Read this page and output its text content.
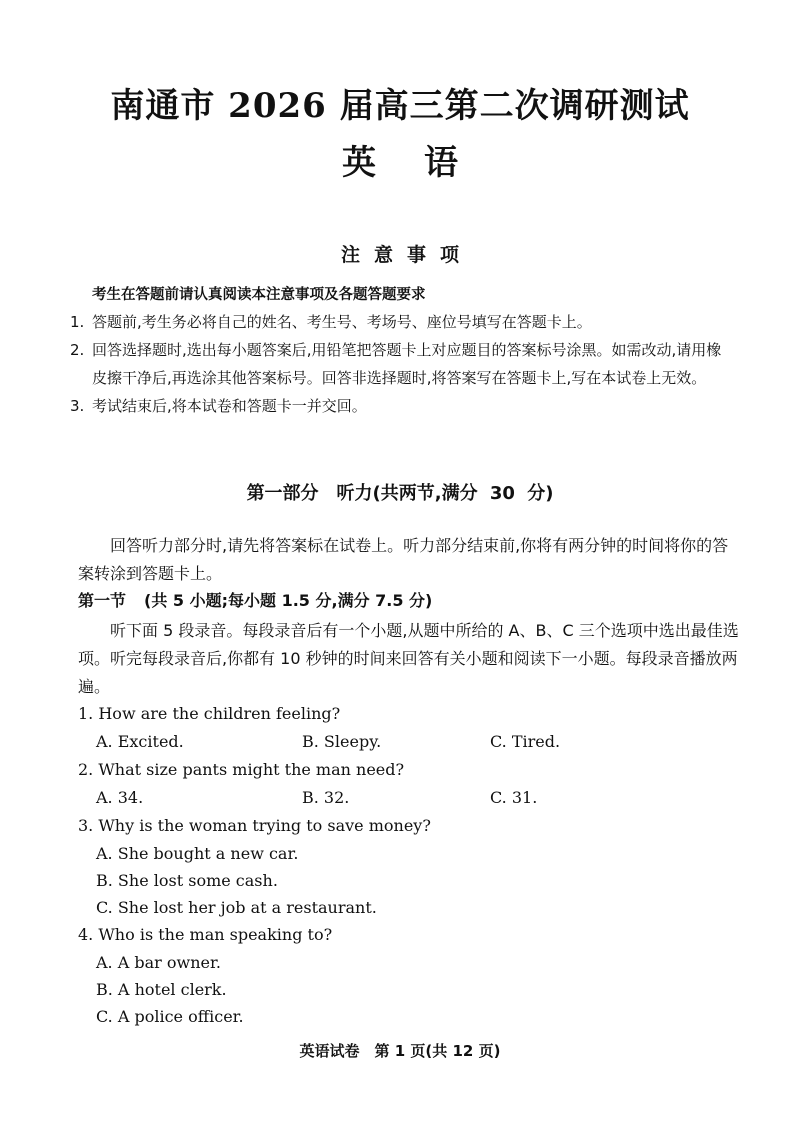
南通市 2026 届高三第二次调研测试
英语
注意事项
考生在答题前请认真阅读本注意事项及各题答题要求
1. 答题前,考生务必将自己的姓名、考生号、考场号、座位号填写在答题卡上。
2. 回答选择题时,选出每小题答案后,用铅笔把答题卡上对应题目的答案标号涂黑。如需改动,请用橡皮擦干净后,再选涂其他答案标号。回答非选择题时,将答案写在答题卡上,写在本试卷上无效。
3. 考试结束后,将本试卷和答题卡一并交回。
第一部分　听力(共两节,满分 30 分)
回答听力部分时,请先将答案标在试卷上。听力部分结束前,你将有两分钟的时间将你的答案转涂到答题卡上。
第一节 (共 5 小题;每小题 1.5 分,满分 7.5 分)
听下面 5 段录音。每段录音后有一个小题,从题中所给的 A、B、C 三个选项中选出最佳选项。听完每段录音后,你都有 10 秒钟的时间来回答有关小题和阅读下一小题。每段录音播放两遍。
1. How are the children feeling?
A. Excited.	B. Sleepy.	C. Tired.
2. What size pants might the man need?
A. 34.	B. 32.	C. 31.
3. Why is the woman trying to save money?
A. She bought a new car.
B. She lost some cash.
C. She lost her job at a restaurant.
4. Who is the man speaking to?
A. A bar owner.
B. A hotel clerk.
C. A police officer.
英语试卷　第 1 页(共 12 页)
